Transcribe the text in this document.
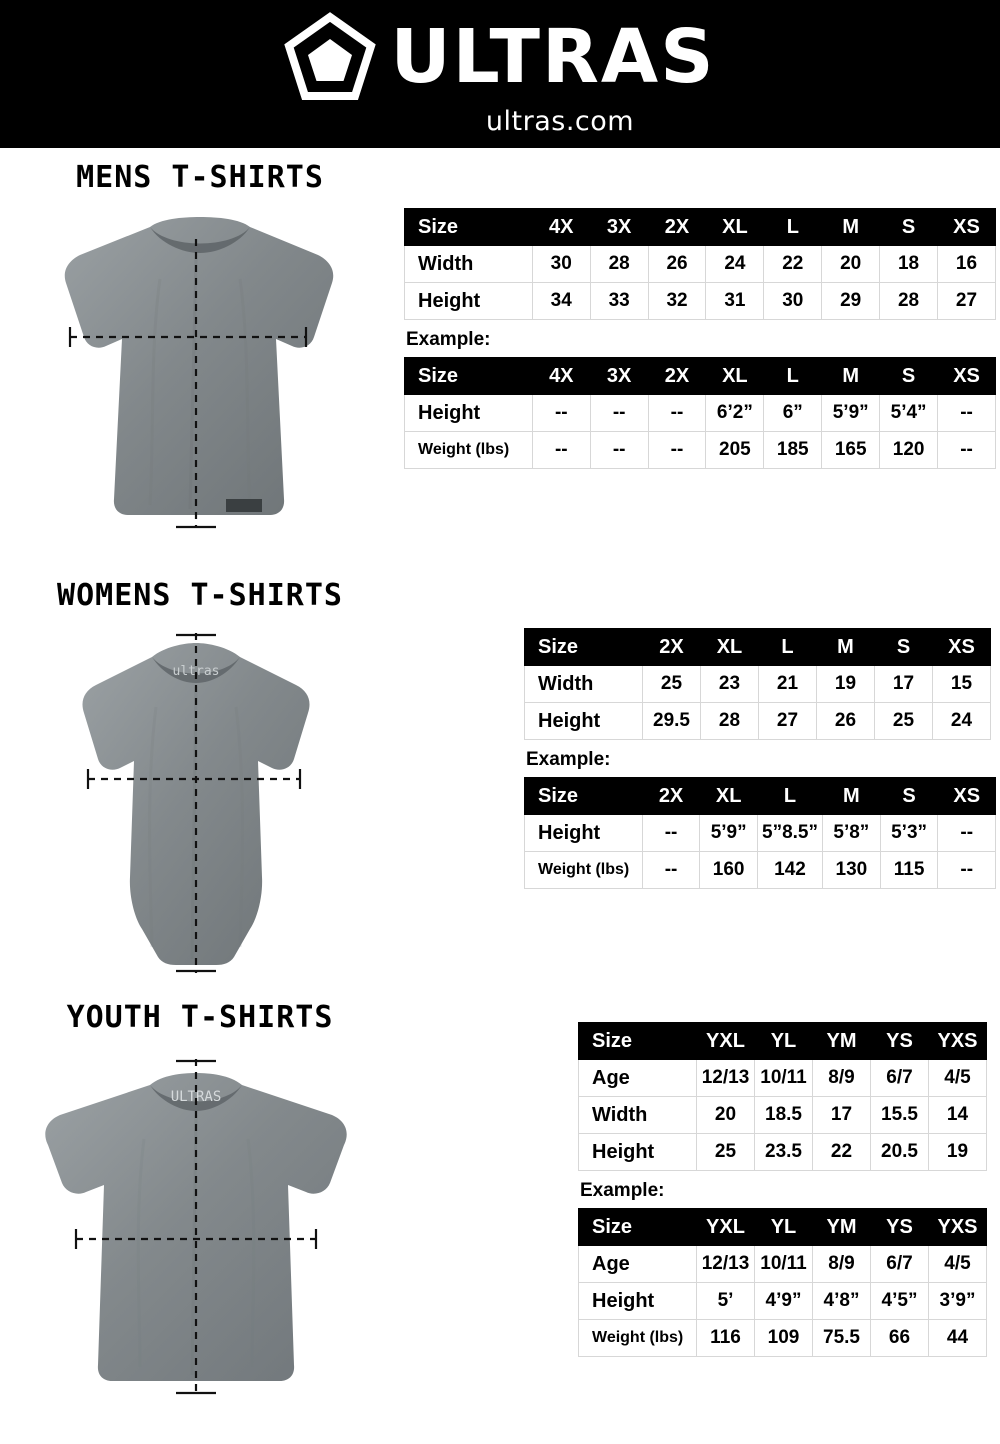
ULTRAS
ultras.com
MENS T-SHIRTS
Size	4X	3X	2X	XL	L	M	S	XS
Width	30	28	26	24	22	20	18	16
Height	34	33	32	31	30	29	28	27
Example:
Size	4X	3X	2X	XL	L	M	S	XS
Height	--	--	--	6’2”	6”	5’9”	5’4”	--
Weight (lbs)	--	--	--	205	185	165	120	--
WOMENS T-SHIRTS
ultras
Size	2X	XL	L	M	S	XS
Width	25	23	21	19	17	15
Height	29.5	28	27	26	25	24
Example:
Size	2X	XL	L	M	S	XS
Height	--	5’9”	5”8.5”	5’8”	5’3”	--
Weight (lbs)	--	160	142	130	115	--
YOUTH T-SHIRTS
ULTRAS
Size	YXL	YL	YM	YS	YXS
Age	12/13	10/11	8/9	6/7	4/5
Width	20	18.5	17	15.5	14
Height	25	23.5	22	20.5	19
Example:
Size	YXL	YL	YM	YS	YXS
Age	12/13	10/11	8/9	6/7	4/5
Height	5’	4’9”	4’8”	4’5”	3’9”
Weight (lbs)	116	109	75.5	66	44
